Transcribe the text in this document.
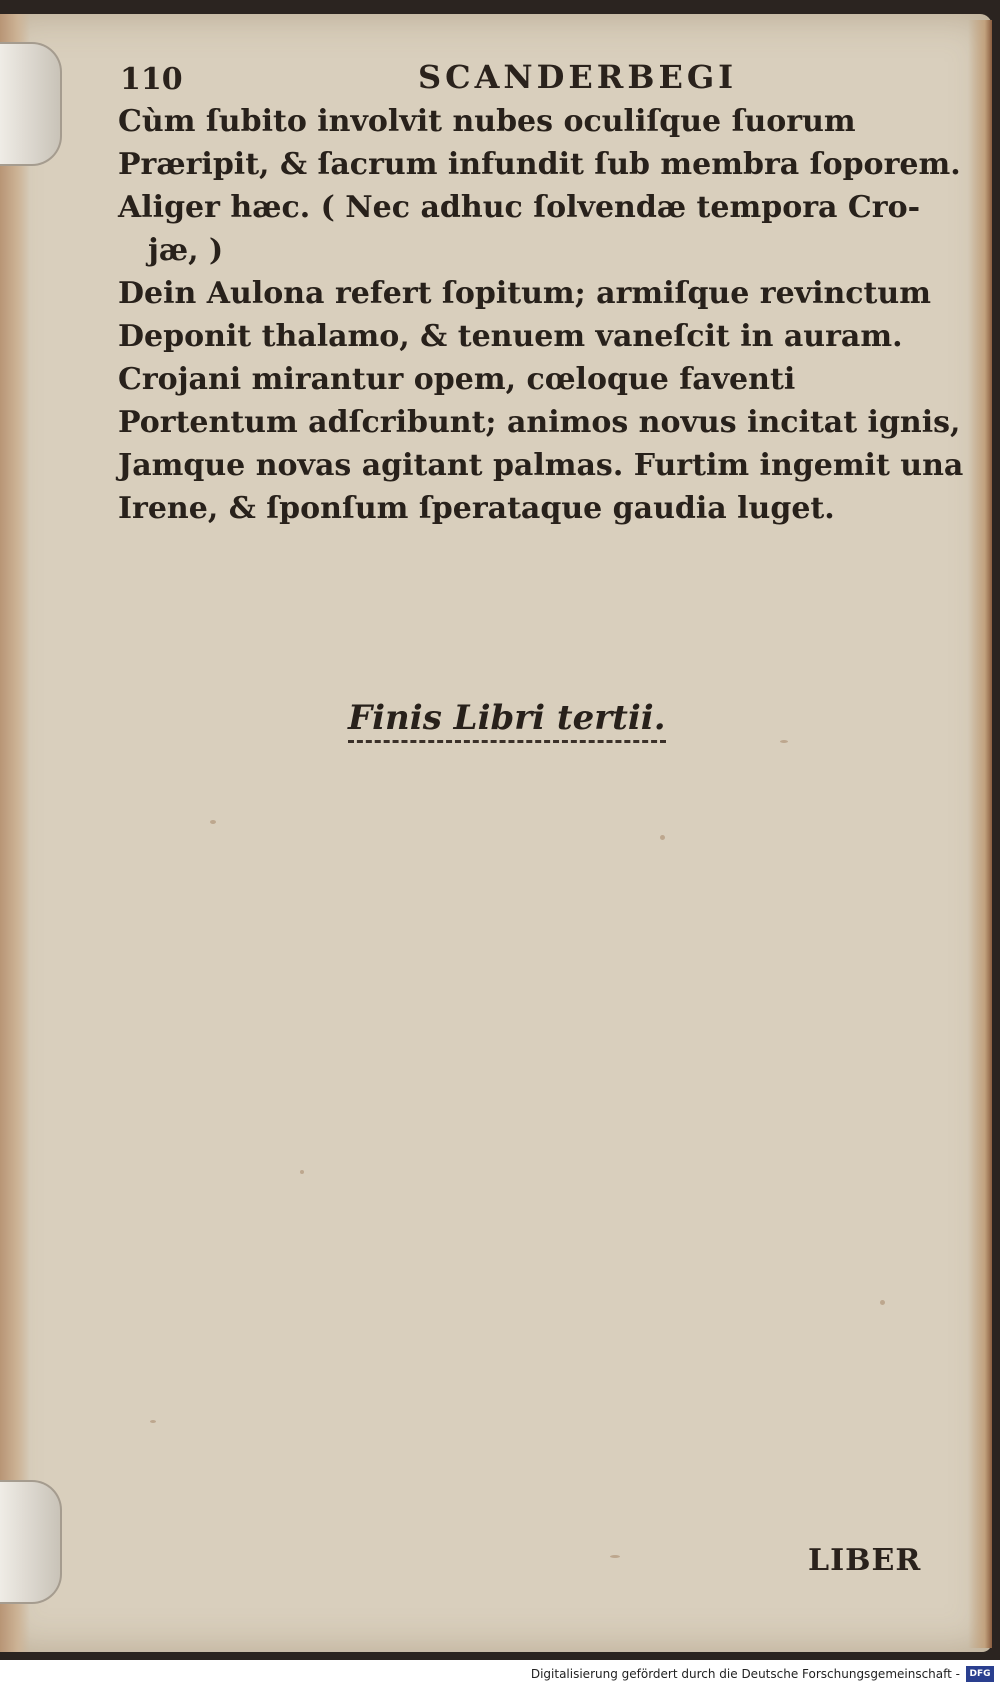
110	SCANDERBEGI
Cùm ſubito involvit nubes oculiſque ſuorum
Præripit, & ſacrum infundit ſub membra ſoporem.
Aliger hæc. ( Nec adhuc ſolvendæ tempora Cro-
jæ, )
Dein Aulona refert ſopitum; armiſque revinctum
Deponit thalamo, & tenuem vaneſcit in auram.
Crojani mirantur opem, cœloque faventi
Portentum adſcribunt; animos novus incitat ignis,
Jamque novas agitant palmas. Furtim ingemit una
Irene, & ſponſum ſperataque gaudia luget.
Finis Libri tertii.
LIBER
Digitalisierung gefördert durch die Deutsche Forschungsgemeinschaft -	DFG
